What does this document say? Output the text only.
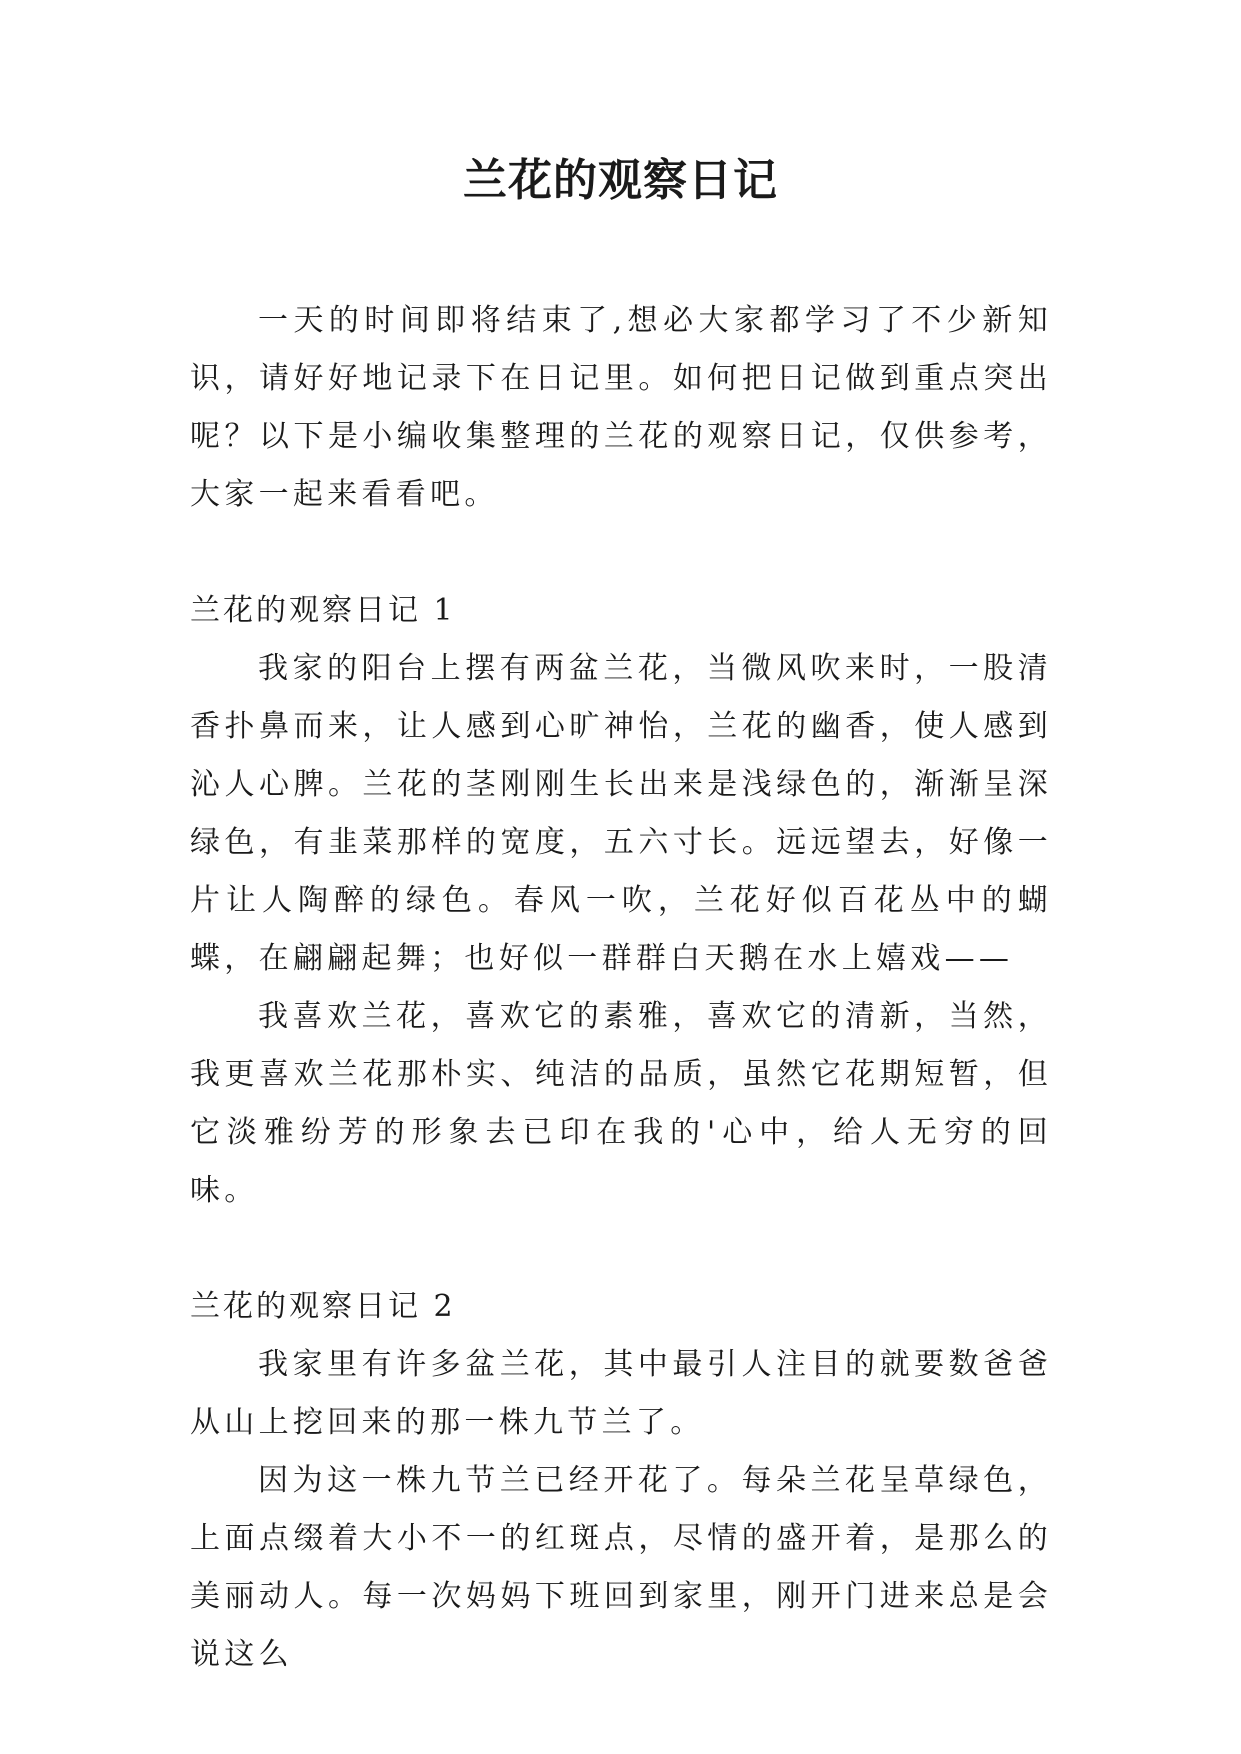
兰花的观察日记

一天的时间即将结束了,想必大家都学习了不少新知识，请好好地记录下在日记里。如何把日记做到重点突出呢？以下是小编收集整理的兰花的观察日记，仅供参考，大家一起来看看吧。

兰花的观察日记 1

我家的阳台上摆有两盆兰花，当微风吹来时，一股清香扑鼻而来，让人感到心旷神怡，兰花的幽香，使人感到沁人心脾。兰花的茎刚刚生长出来是浅绿色的，渐渐呈深绿色，有韭菜那样的宽度，五六寸长。远远望去，好像一片让人陶醉的绿色。春风一吹，兰花好似百花丛中的蝴蝶，在翩翩起舞；也好似一群群白天鹅在水上嬉戏——

我喜欢兰花，喜欢它的素雅，喜欢它的清新，当然，我更喜欢兰花那朴实、纯洁的品质，虽然它花期短暂，但它淡雅纷芳的形象去已印在我的'心中，给人无穷的回味。

兰花的观察日记 2

我家里有许多盆兰花，其中最引人注目的就要数爸爸从山上挖回来的那一株九节兰了。

因为这一株九节兰已经开花了。每朵兰花呈草绿色，上面点缀着大小不一的红斑点，尽情的盛开着，是那么的美丽动人。每一次妈妈下班回到家里，刚开门进来总是会说这么
